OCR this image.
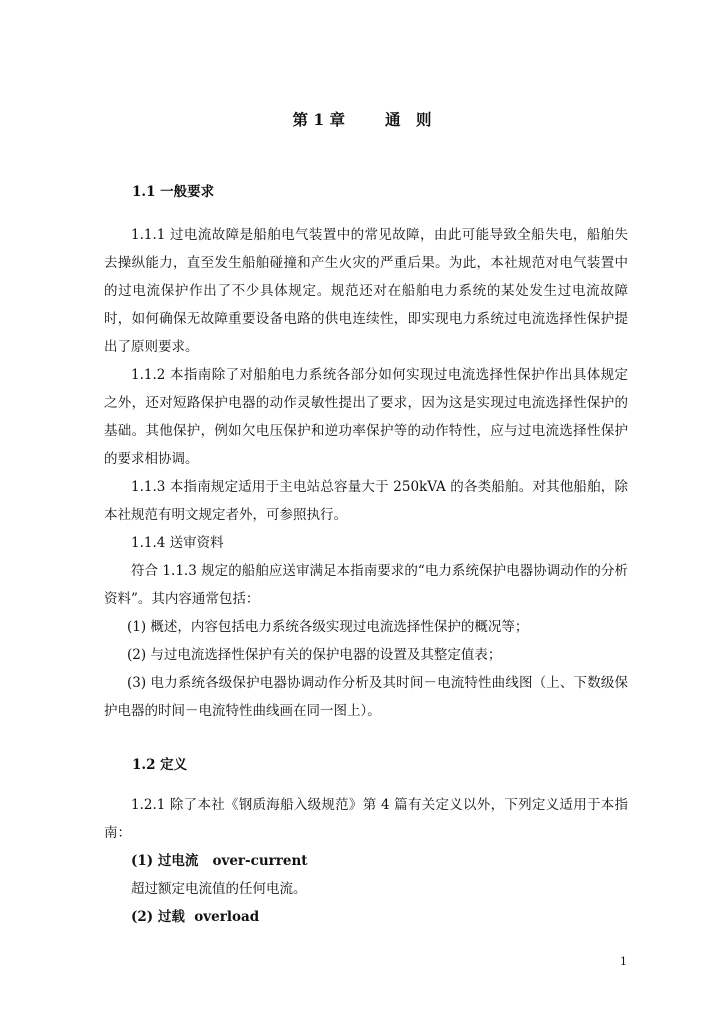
第 1 章	通　则
1.1 一般要求

1.1.1 过电流故障是船舶电气装置中的常见故障，由此可能导致全船失电，船舶失去操纵能力，直至发生船舶碰撞和产生火灾的严重后果。为此，本社规范对电气装置中的过电流保护作出了不少具体规定。规范还对在船舶电力系统的某处发生过电流故障时，如何确保无故障重要设备电路的供电连续性，即实现电力系统过电流选择性保护提出了原则要求。

1.1.2 本指南除了对船舶电力系统各部分如何实现过电流选择性保护作出具体规定之外，还对短路保护电器的动作灵敏性提出了要求，因为这是实现过电流选择性保护的基础。其他保护，例如欠电压保护和逆功率保护等的动作特性，应与过电流选择性保护的要求相协调。

1.1.3 本指南规定适用于主电站总容量大于 250kVA 的各类船舶。对其他船舶，除本社规范有明文规定者外，可参照执行。

1.1.4 送审资料

符合 1.1.3 规定的船舶应送审满足本指南要求的“电力系统保护电器协调动作的分析资料”。其内容通常包括：

(1) 概述，内容包括电力系统各级实现过电流选择性保护的概况等；
(2) 与过电流选择性保护有关的保护电器的设置及其整定值表；

(3) 电力系统各级保护电器协调动作分析及其时间－电流特性曲线图（上、下数级保护电器的时间－电流特性曲线画在同一图上）。

1.2 定义

1.2.1 除了本社《钢质海船入级规范》第 4 篇有关定义以外，下列定义适用于本指南：

(1) 过电流 over-current
超过额定电流值的任何电流。
(2) 过载 overload
1
